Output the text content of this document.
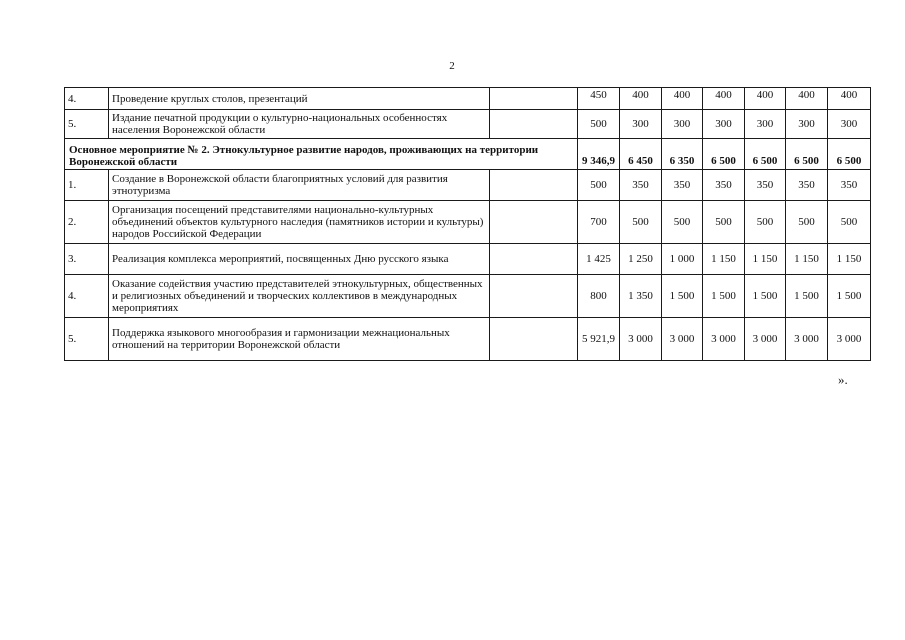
2
4.	Проведение круглых столов, презентаций		450	400	400	400	400	400	400
5.	Издание печатной продукции о культурно-национальных особенностях населения Воронежской области		500	300	300	300	300	300	300
Основное мероприятие № 2. Этнокультурное развитие народов, проживающих на территории Воронежской области			9 346,9	6 450	6 350	6 500	6 500	6 500	6 500
1.	Создание в Воронежской области благоприятных условий для развития этнотуризма		500	350	350	350	350	350	350
2.	Организация посещений представителями национально-культурных объединений объектов культурного наследия (памятников истории и культуры) народов Российской Федерации		700	500	500	500	500	500	500
3.	Реализация комплекса мероприятий, посвященных Дню русского языка		1 425	1 250	1 000	1 150	1 150	1 150	1 150
4.	Оказание содействия участию представителей этнокультурных, общественных и религиозных объединений и творческих коллективов в международных мероприятиях		800	1 350	1 500	1 500	1 500	1 500	1 500
5.	Поддержка языкового многообразия и гармонизации межнациональных отношений на территории Воронежской области		5 921,9	3 000	3 000	3 000	3 000	3 000	3 000
».
